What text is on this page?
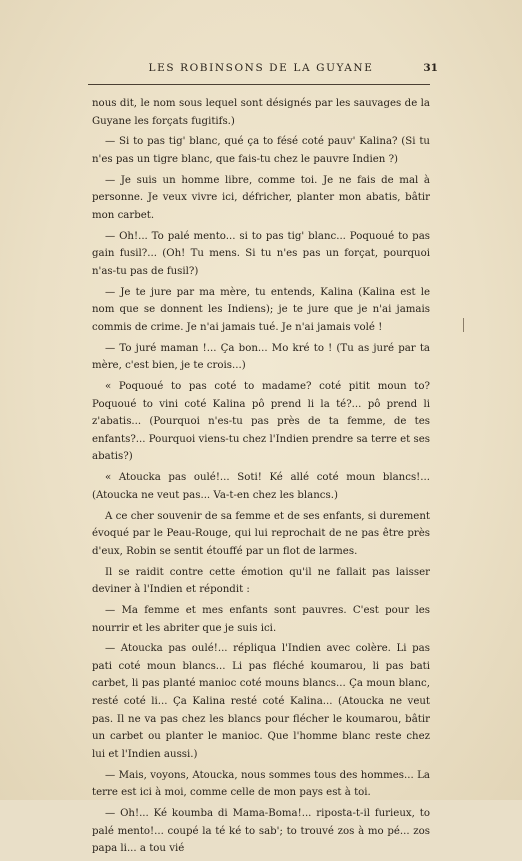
LES ROBINSONS DE LA GUYANE	31

nous dit, le nom sous lequel sont désignés par les sauvages de la Guyane les forçats fugitifs.)

— Si to pas tig' blanc, qué ça to fésé coté pauv' Kalina? (Si tu n'es pas un tigre blanc, que fais-tu chez le pauvre Indien ?)

— Je suis un homme libre, comme toi. Je ne fais de mal à personne. Je veux vivre ici, défricher, planter mon abatis, bâtir mon carbet.

— Oh!... To palé mento... si to pas tig' blanc... Poquoué to pas gain fusil?... (Oh! Tu mens. Si tu n'es pas un forçat, pourquoi n'as-tu pas de fusil?)

— Je te jure par ma mère, tu entends, Kalina (Kalina est le nom que se donnent les Indiens); je te jure que je n'ai jamais commis de crime. Je n'ai jamais tué. Je n'ai jamais volé !

— To juré maman !... Ça bon... Mo kré to ! (Tu as juré par ta mère, c'est bien, je te crois...)

« Poquoué to pas coté to madame? coté pitit moun to? Poquoué to vini coté Kalina pô prend li la té?... pô prend li z'abatis... (Pourquoi n'es-tu pas près de ta femme, de tes enfants?... Pourquoi viens-tu chez l'Indien prendre sa terre et ses abatis?)

« Atoucka pas oulé!... Soti! Ké allé coté moun blancs!... (Atoucka ne veut pas... Va-t-en chez les blancs.)

A ce cher souvenir de sa femme et de ses enfants, si durement évoqué par le Peau-Rouge, qui lui reprochait de ne pas être près d'eux, Robin se sentit étouffé par un flot de larmes.

Il se raidit contre cette émotion qu'il ne fallait pas laisser deviner à l'Indien et répondit :

— Ma femme et mes enfants sont pauvres. C'est pour les nourrir et les abriter que je suis ici.

— Atoucka pas oulé!... répliqua l'Indien avec colère. Li pas pati coté moun blancs... Li pas fléché koumarou, li pas bati carbet, li pas planté manioc coté mouns blancs... Ça moun blanc, resté coté li... Ça Kalina resté coté Kalina... (Atoucka ne veut pas. Il ne va pas chez les blancs pour flécher le koumarou, bâtir un carbet ou planter le manioc. Que l'homme blanc reste chez lui et l'Indien aussi.)

— Mais, voyons, Atoucka, nous sommes tous des hommes... La terre est ici à moi, comme celle de mon pays est à toi.

— Oh!... Ké koumba di Mama-Boma!... riposta-t-il furieux, to palé mento!... coupé la té ké to sab'; to trouvé zos à mo pé... zos papa li... a tou vié
